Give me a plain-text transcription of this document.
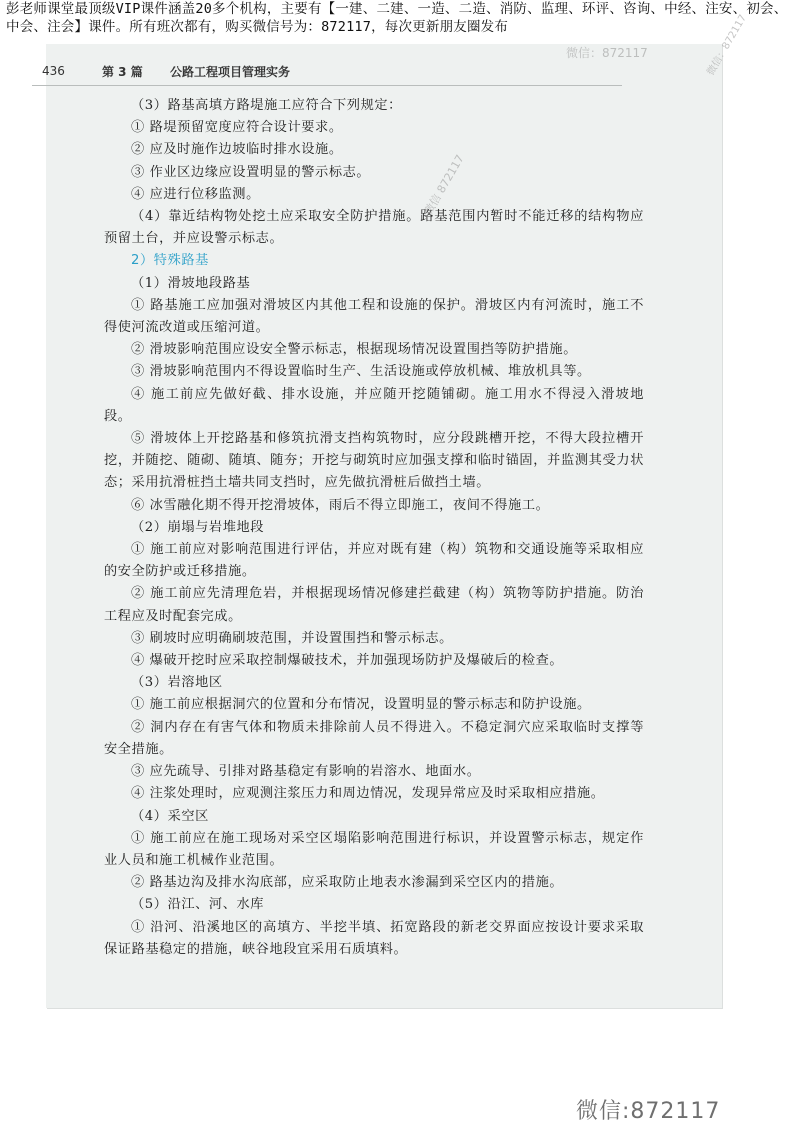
彭老师课堂最顶级VIP课件涵盖20多个机构，主要有【一建、二建、一造、二造、消防、监理、环评、咨询、中经、注安、初会、中会、注会】课件。所有班次都有，购买微信号为：872117，每次更新朋友圈发布
436	第 3 篇 公路工程项目管理实务

（3）路基高填方路堤施工应符合下列规定：

① 路堤预留宽度应符合设计要求。

② 应及时施作边坡临时排水设施。

③ 作业区边缘应设置明显的警示标志。

④ 应进行位移监测。

（4）靠近结构物处挖土应采取安全防护措施。路基范围内暂时不能迁移的结构物应预留土台，并应设警示标志。

2）特殊路基

（1）滑坡地段路基

① 路基施工应加强对滑坡区内其他工程和设施的保护。滑坡区内有河流时，施工不得使河流改道或压缩河道。

② 滑坡影响范围应设安全警示标志，根据现场情况设置围挡等防护措施。

③ 滑坡影响范围内不得设置临时生产、生活设施或停放机械、堆放机具等。

④ 施工前应先做好截、排水设施，并应随开挖随铺砌。施工用水不得浸入滑坡地段。

⑤ 滑坡体上开挖路基和修筑抗滑支挡构筑物时，应分段跳槽开挖，不得大段拉槽开挖，并随挖、随砌、随填、随夯；开挖与砌筑时应加强支撑和临时锚固，并监测其受力状态；采用抗滑桩挡土墙共同支挡时，应先做抗滑桩后做挡土墙。

⑥ 冰雪融化期不得开挖滑坡体，雨后不得立即施工，夜间不得施工。

（2）崩塌与岩堆地段

① 施工前应对影响范围进行评估，并应对既有建（构）筑物和交通设施等采取相应的安全防护或迁移措施。

② 施工前应先清理危岩，并根据现场情况修建拦截建（构）筑物等防护措施。防治工程应及时配套完成。

③ 刷坡时应明确刷坡范围，并设置围挡和警示标志。

④ 爆破开挖时应采取控制爆破技术，并加强现场防护及爆破后的检查。

（3）岩溶地区

① 施工前应根据洞穴的位置和分布情况，设置明显的警示标志和防护设施。

② 洞内存在有害气体和物质未排除前人员不得进入。不稳定洞穴应采取临时支撑等安全措施。

③ 应先疏导、引排对路基稳定有影响的岩溶水、地面水。

④ 注浆处理时，应观测注浆压力和周边情况，发现异常应及时采取相应措施。

（4）采空区

① 施工前应在施工现场对采空区塌陷影响范围进行标识，并设置警示标志，规定作业人员和施工机械作业范围。

② 路基边沟及排水沟底部，应采取防止地表水渗漏到采空区内的措施。

（5）沿江、河、水库

① 沿河、沿溪地区的高填方、半挖半填、拓宽路段的新老交界面应按设计要求采取保证路基稳定的措施，峡谷地段宜采用石质填料。

微信：872117	微信：872117
微信 872117
微信:872117
